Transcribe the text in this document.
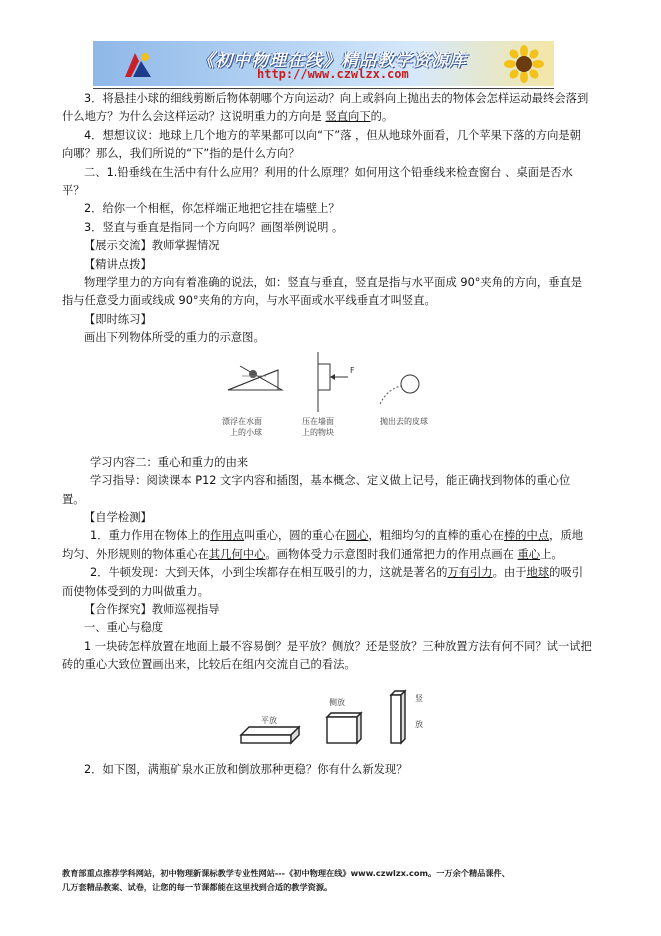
《初中物理在线》精品教学资源库
http://www.czwlzx.com

3．将悬挂小球的细线剪断后物体朝哪个方向运动？向上或斜向上抛出去的物体会怎样运动最终会落到什么地方？为什么会这样运动？这说明重力的方向是 竖直向下的。

4．想想议议：地球上几个地方的苹果都可以向“下”落 ，但从地球外面看，几个苹果下落的方向是朝向哪？那么，我们所说的“下”指的是什么方向？

二、1.铅垂线在生活中有什么应用？利用的什么原理？如何用这个铅垂线来检查窗台 、桌面是否水平？

2．给你一个相框，你怎样端正地把它挂在墙壁上？

3．竖直与垂直是指同一个方向吗？画图举例说明 。

【展示交流】教师掌握情况

【精讲点拨】

物理学里力的方向有着准确的说法，如：竖直与垂直，竖直是指与水平面成 90°夹角的方向，垂直是指与任意受力面或线成 90°夹角的方向，与水平面或水平线垂直才叫竖直。

【即时练习】

画出下列物体所受的重力的示意图。

F
漂浮在水面
上的小球
压在墙面
上的物块
抛出去的皮球

学习内容二：重心和重力的由来

学习指导：阅读课本 P12 文字内容和插图，基本概念、定义做上记号，能正确找到物体的重心位置。

【自学检测】

1．重力作用在物体上的作用点叫重心，圆的重心在圆心，粗细均匀的直棒的重心在棒的中点，质地均匀、外形规则的物体重心在其几何中心。画物体受力示意图时我们通常把力的作用点画在 重心上。

2．牛顿发现：大到天体，小到尘埃都存在相互吸引的力，这就是著名的万有引力。由于地球的吸引而使物体受到的力叫做重力。

【合作探究】教师巡视指导

一、重心与稳度

1 一块砖怎样放置在地面上最不容易倒？是平放？侧放？还是竖放？三种放置方法有何不同？试一试把砖的重心大致位置画出来，比较后在组内交流自己的看法。

平放
侧放	竖
放

2．如下图，满瓶矿泉水正放和倒放那种更稳？你有什么新发现？

教育部重点推荐学科网站，初中物理新课标教学专业性网站---《初中物理在线》www.czwlzx.com。一万余个精品课件、
几万套精品教案、试卷，让您的每一节课都能在这里找到合适的教学资源。
